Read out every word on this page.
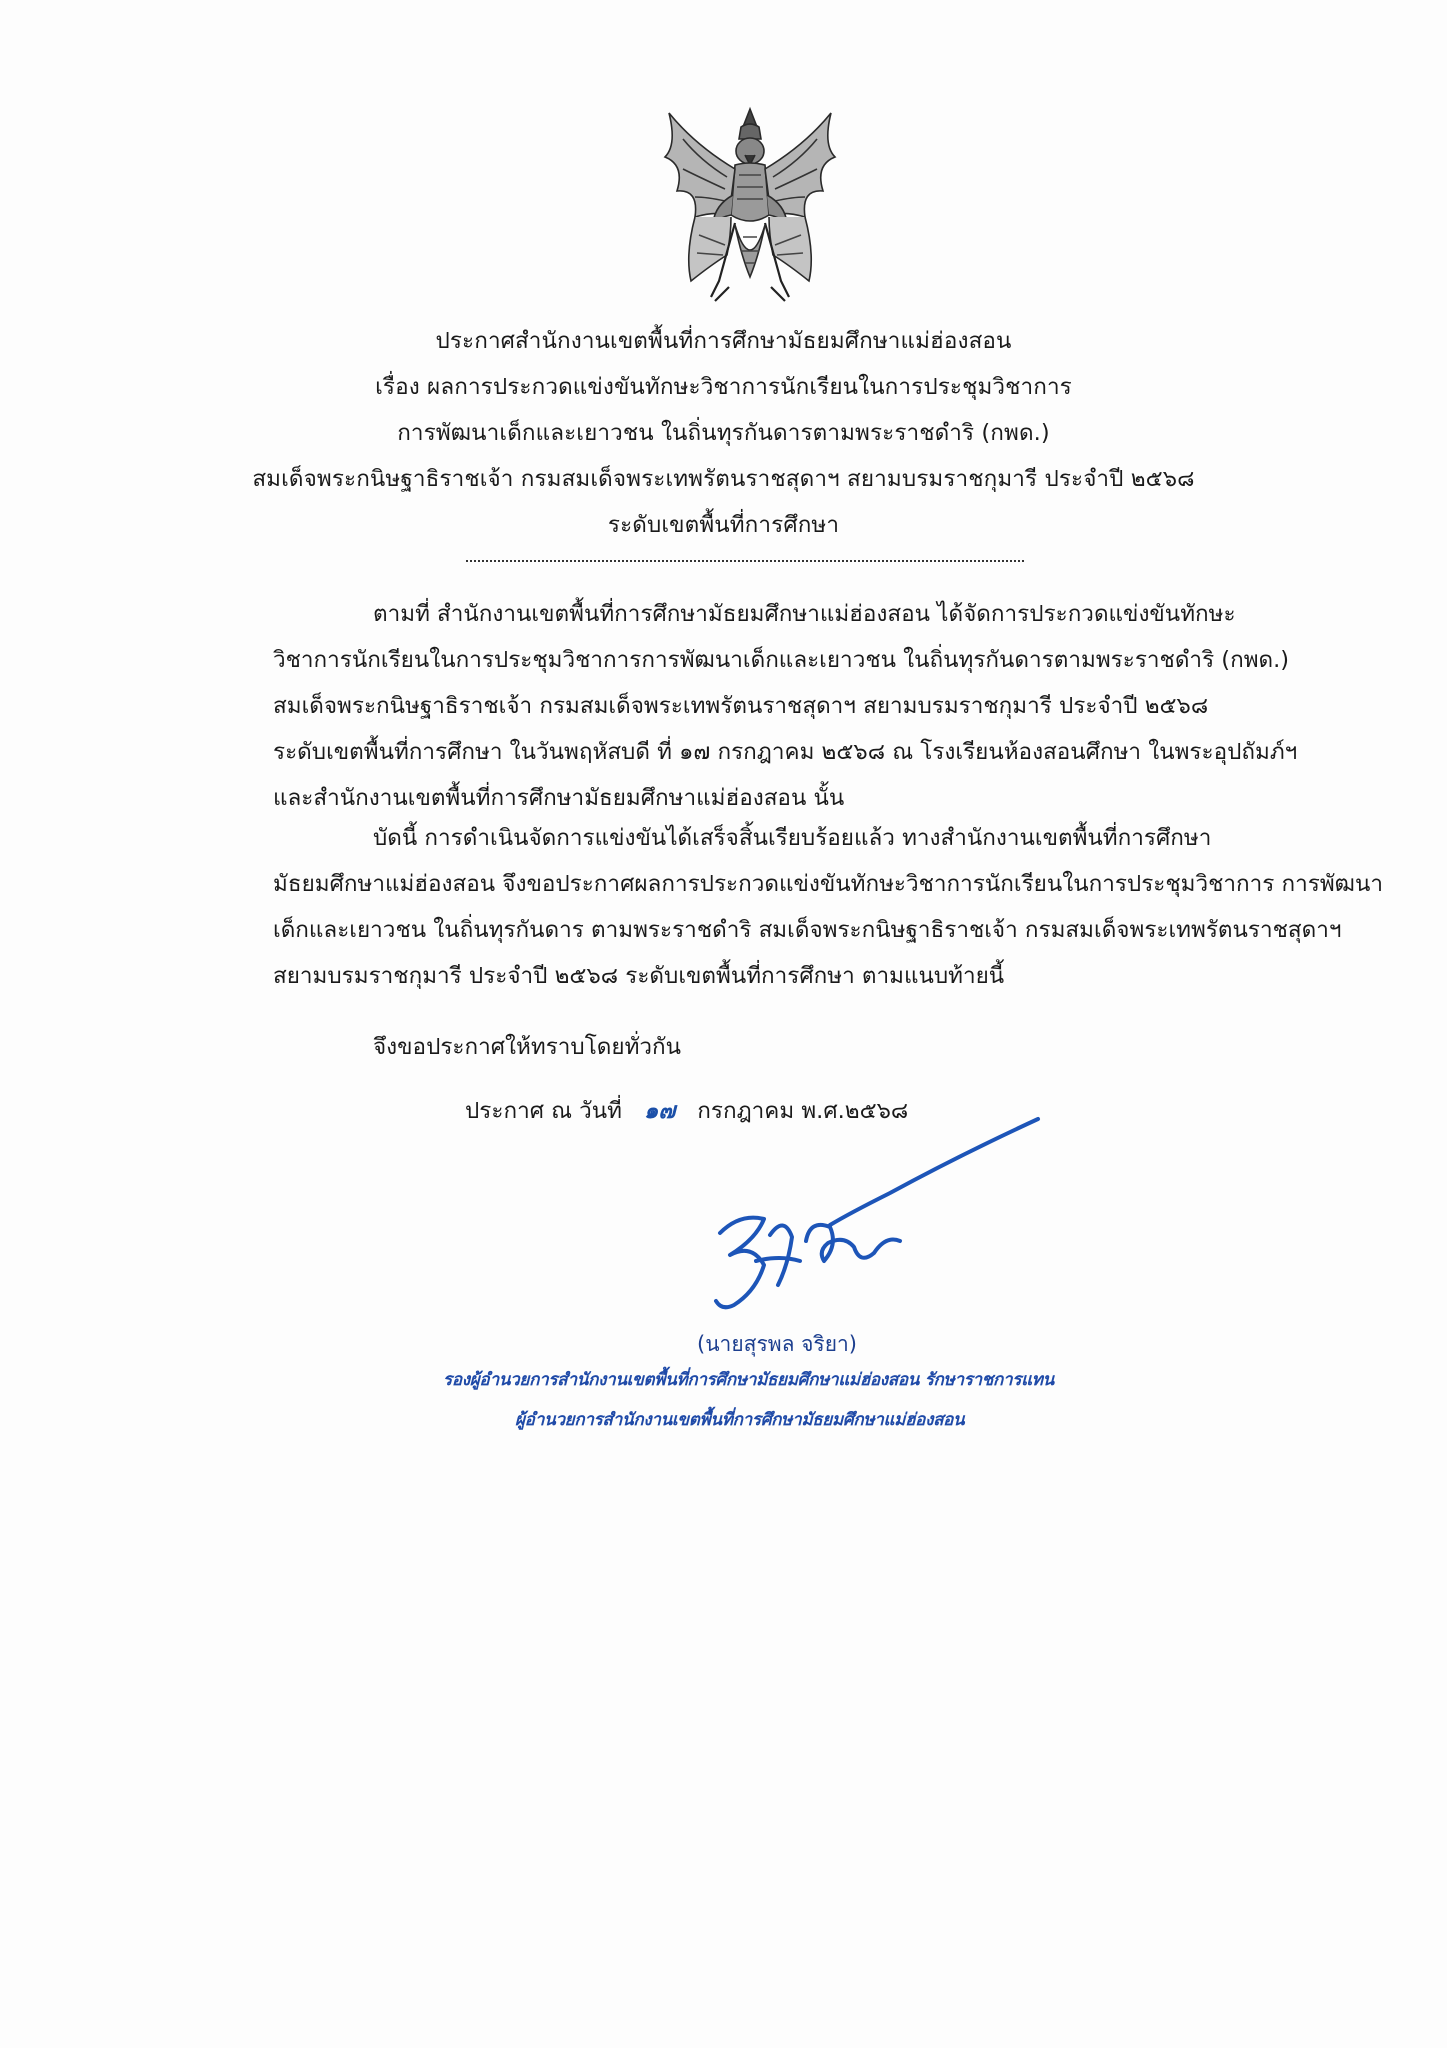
ประกาศสำนักงานเขตพื้นที่การศึกษามัธยมศึกษาแม่ฮ่องสอน
เรื่อง ผลการประกวดแข่งขันทักษะวิชาการนักเรียนในการประชุมวิชาการ
การพัฒนาเด็กและเยาวชน ในถิ่นทุรกันดารตามพระราชดำริ (กพด.)
สมเด็จพระกนิษฐาธิราชเจ้า กรมสมเด็จพระเทพรัตนราชสุดาฯ สยามบรมราชกุมารี ประจำปี ๒๕๖๘
ระดับเขตพื้นที่การศึกษา
ตามที่ สำนักงานเขตพื้นที่การศึกษามัธยมศึกษาแม่ฮ่องสอน ได้จัดการประกวดแข่งขันทักษะ
วิชาการนักเรียนในการประชุมวิชาการการพัฒนาเด็กและเยาวชน ในถิ่นทุรกันดารตามพระราชดำริ (กพด.)
สมเด็จพระกนิษฐาธิราชเจ้า กรมสมเด็จพระเทพรัตนราชสุดาฯ สยามบรมราชกุมารี ประจำปี ๒๕๖๘
ระดับเขตพื้นที่การศึกษา ในวันพฤหัสบดี ที่ ๑๗ กรกฎาคม ๒๕๖๘ ณ โรงเรียนห้องสอนศึกษา ในพระอุปถัมภ์ฯ
และสำนักงานเขตพื้นที่การศึกษามัธยมศึกษาแม่ฮ่องสอน นั้น
บัดนี้ การดำเนินจัดการแข่งขันได้เสร็จสิ้นเรียบร้อยแล้ว ทางสำนักงานเขตพื้นที่การศึกษา
มัธยมศึกษาแม่ฮ่องสอน จึงขอประกาศผลการประกวดแข่งขันทักษะวิชาการนักเรียนในการประชุมวิชาการ การพัฒนา
เด็กและเยาวชน ในถิ่นทุรกันดาร ตามพระราชดำริ สมเด็จพระกนิษฐาธิราชเจ้า กรมสมเด็จพระเทพรัตนราชสุดาฯ
สยามบรมราชกุมารี ประจำปี ๒๕๖๘ ระดับเขตพื้นที่การศึกษา ตามแนบท้ายนี้
จึงขอประกาศให้ทราบโดยทั่วกัน
ประกาศ ณ วันที่ ๑๗ กรกฎาคม พ.ศ.๒๕๖๘
(นายสุรพล จริยา)
รองผู้อำนวยการสำนักงานเขตพื้นที่การศึกษามัธยมศึกษาแม่ฮ่องสอน รักษาราชการแทน
ผู้อำนวยการสำนักงานเขตพื้นที่การศึกษามัธยมศึกษาแม่ฮ่องสอน
